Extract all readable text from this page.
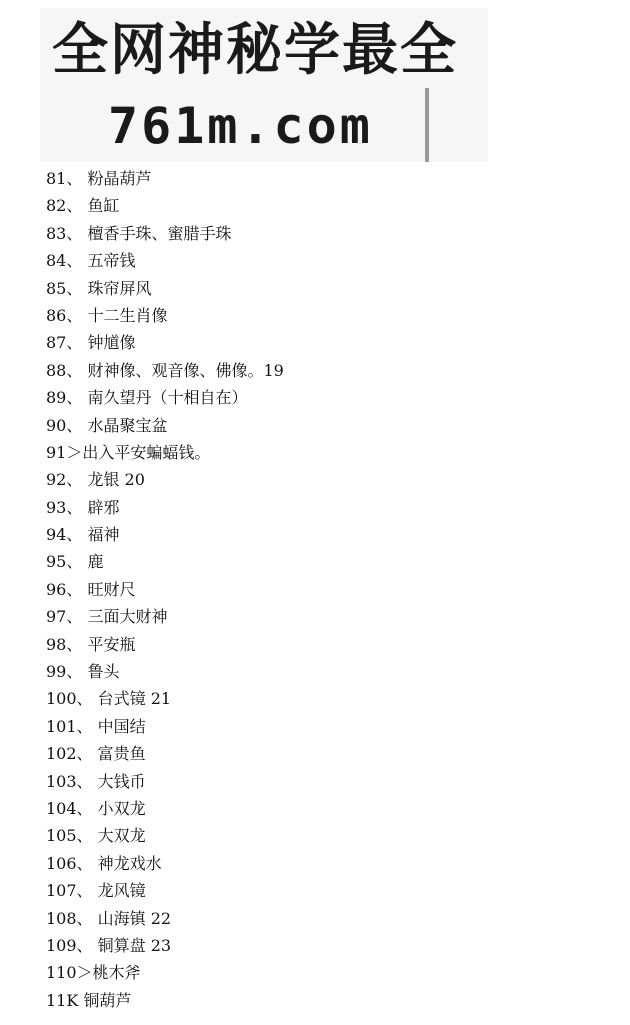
全网神秘学最全
761m.com
81、 粉晶葫芦
82、 鱼缸
83、 檀香手珠、蜜腊手珠
84、 五帝钱
85、 珠帘屏风
86、 十二生肖像
87、 钟馗像
88、 财神像、观音像、佛像。19
89、 南久望丹（十相自在）
90、 水晶聚宝盆
91＞出入平安蝙蝠钱。
92、 龙银 20
93、 辟邪
94、 福神
95、 鹿
96、 旺财尺
97、 三面大财神
98、 平安瓶
99、 鲁头
100、 台式镜 21
101、 中国结
102、 富贵鱼
103、 大钱币
104、 小双龙
105、 大双龙
106、 神龙戏水
107、 龙风镜
108、 山海镇 22
109、 铜算盘 23
110＞桃木斧
11K 铜葫芦
